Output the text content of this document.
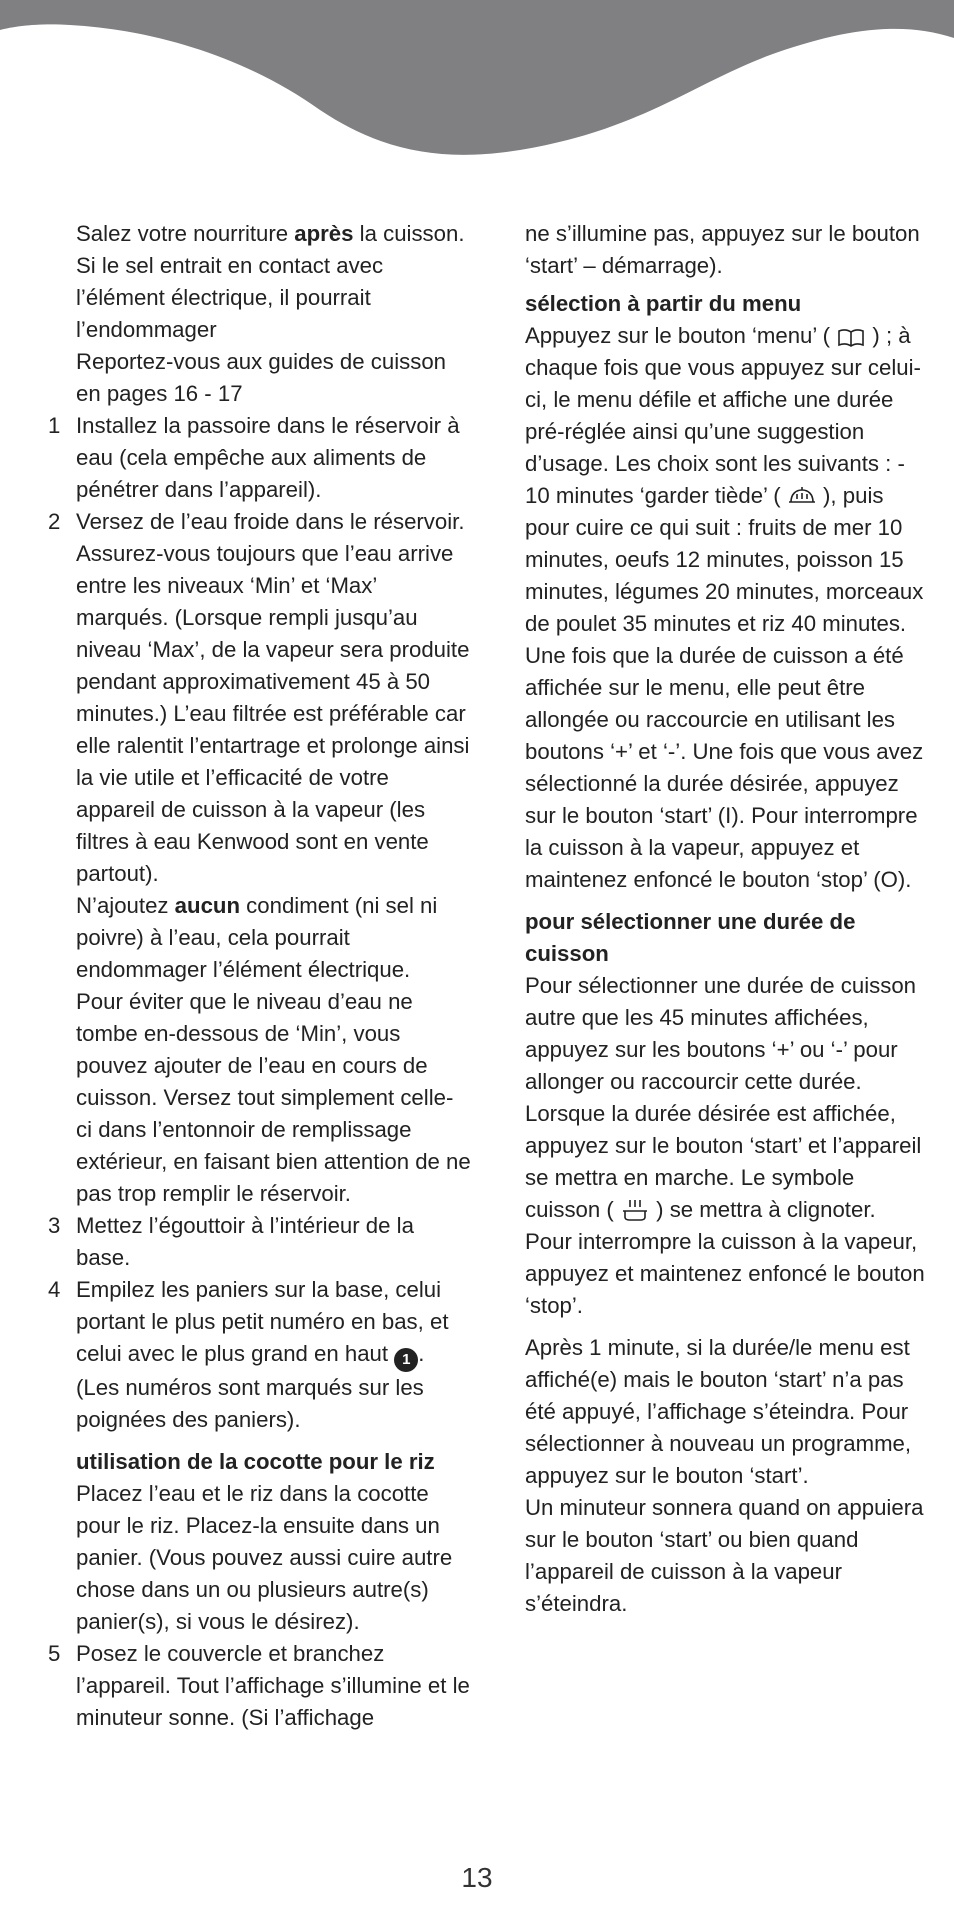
Salez votre nourriture après la cuisson. Si le sel entrait en contact avec l’élément électrique, il pourrait l’endommager

Reportez-vous aux guides de cuisson en pages 16 - 17

1 Installez la passoire dans le réservoir à eau (cela empêche aux aliments de pénétrer dans l’appareil).

2 Versez de l’eau froide dans le réservoir. Assurez-vous toujours que l’eau arrive entre les niveaux ‘Min’ et ‘Max’ marqués. (Lorsque rempli jusqu’au niveau ‘Max’, de la vapeur sera produite pendant approximativement 45 à 50 minutes.) L’eau filtrée est préférable car elle ralentit l’entartrage et prolonge ainsi la vie utile et l’efficacité de votre appareil de cuisson à la vapeur (les filtres à eau Kenwood sont en vente partout).

N’ajoutez aucun condiment (ni sel ni poivre) à l’eau, cela pourrait endommager l’élément électrique.

Pour éviter que le niveau d’eau ne tombe en-dessous de ‘Min’, vous pouvez ajouter de l’eau en cours de cuisson. Versez tout simplement celle- ci dans l’entonnoir de remplissage extérieur, en faisant bien attention de ne pas trop remplir le réservoir.

3 Mettez l’égouttoir à l’intérieur de la base.

4 Empilez les paniers sur la base, celui portant le plus petit numéro en bas, et celui avec le plus grand en haut 1 . (Les numéros sont marqués sur les poignées des paniers).

utilisation de la cocotte pour le riz

Placez l’eau et le riz dans la cocotte pour le riz. Placez-la ensuite dans un panier. (Vous pouvez aussi cuire autre chose dans un ou plusieurs autre(s) panier(s), si vous le désirez).

5 Posez le couvercle et branchez l’appareil. Tout l’affichage s’illumine et le minuteur sonne. (Si l’affichage

ne s’illumine pas, appuyez sur le bouton ‘start’ – démarrage).

sélection à partir du menu

Appuyez sur le bouton ‘menu’ ( ) ; à chaque fois que vous appuyez sur celui-ci, le menu défile et affiche une durée pré-réglée ainsi qu’une suggestion d’usage. Les choix sont les suivants : - 10 minutes ‘garder tiède’ ( ), puis pour cuire ce qui suit : fruits de mer 10 minutes, oeufs 12 minutes, poisson 15 minutes, légumes 20 minutes, morceaux de poulet 35 minutes et riz 40 minutes. Une fois que la durée de cuisson a été affichée sur le menu, elle peut être allongée ou raccourcie en utilisant les boutons ‘+’ et ‘-’. Une fois que vous avez sélectionné la durée désirée, appuyez sur le bouton ‘start’ (I). Pour interrompre la cuisson à la vapeur, appuyez et maintenez enfoncé le bouton ‘stop’ (O).

pour sélectionner une durée de cuisson

Pour sélectionner une durée de cuisson autre que les 45 minutes affichées, appuyez sur les boutons ‘+’ ou ‘-’ pour allonger ou raccourcir cette durée. Lorsque la durée désirée est affichée, appuyez sur le bouton ‘start’ et l’appareil se mettra en marche. Le symbole cuisson ( ) se mettra à clignoter. Pour interrompre la cuisson à la vapeur, appuyez et maintenez enfoncé le bouton ‘stop’.

Après 1 minute, si la durée/le menu est affiché(e) mais le bouton ‘start’ n’a pas été appuyé, l’affichage s’éteindra. Pour sélectionner à nouveau un programme, appuyez sur le bouton ‘start’.

Un minuteur sonnera quand on appuiera sur le bouton ‘start’ ou bien quand l’appareil de cuisson à la vapeur s’éteindra.

13
